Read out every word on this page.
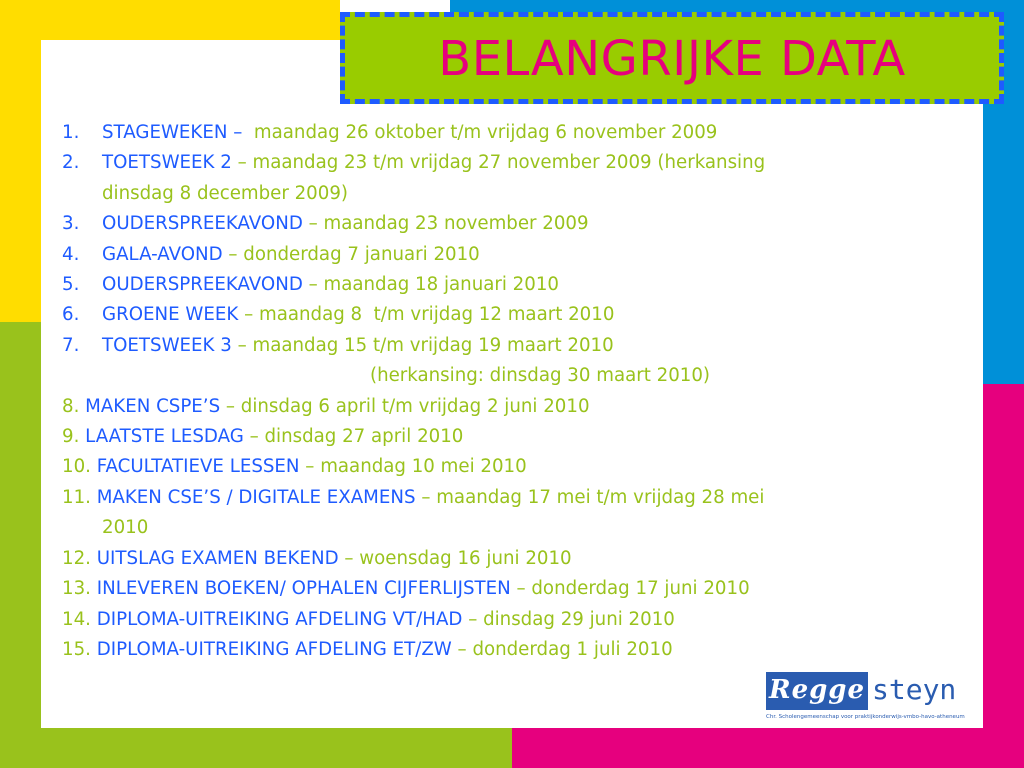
BELANGRIJKE DATA
1. STAGEWEKEN –  maandag 26 oktober t/m vrijdag 6 november 2009
2. TOETSWEEK 2 – maandag 23 t/m vrijdag 27 november 2009 (herkansing
dinsdag 8 december 2009)
3. OUDERSPREEKAVOND – maandag 23 november 2009
4. GALA-AVOND – donderdag 7 januari 2010
5. OUDERSPREEKAVOND – maandag 18 januari 2010
6. GROENE WEEK – maandag 8  t/m vrijdag 12 maart 2010
7. TOETSWEEK 3 – maandag 15 t/m vrijdag 19 maart 2010
(herkansing: dinsdag 30 maart 2010)
8. MAKEN CSPE’S – dinsdag 6 april t/m vrijdag 2 juni 2010
9. LAATSTE LESDAG – dinsdag 27 april 2010
10. FACULTATIEVE LESSEN – maandag 10 mei 2010
11. MAKEN CSE’S / DIGITALE EXAMENS – maandag 17 mei t/m vrijdag 28 mei
2010
12. UITSLAG EXAMEN BEKEND – woensdag 16 juni 2010
13. INLEVEREN BOEKEN/ OPHALEN CIJFERLIJSTEN – donderdag 17 juni 2010
14. DIPLOMA-UITREIKING AFDELING VT/HAD – dinsdag 29 juni 2010
15. DIPLOMA-UITREIKING AFDELING ET/ZW – donderdag 1 juli 2010
Regge steyn
Chr. Scholengemeenschap voor praktijkonderwijs-vmbo-havo-atheneum
